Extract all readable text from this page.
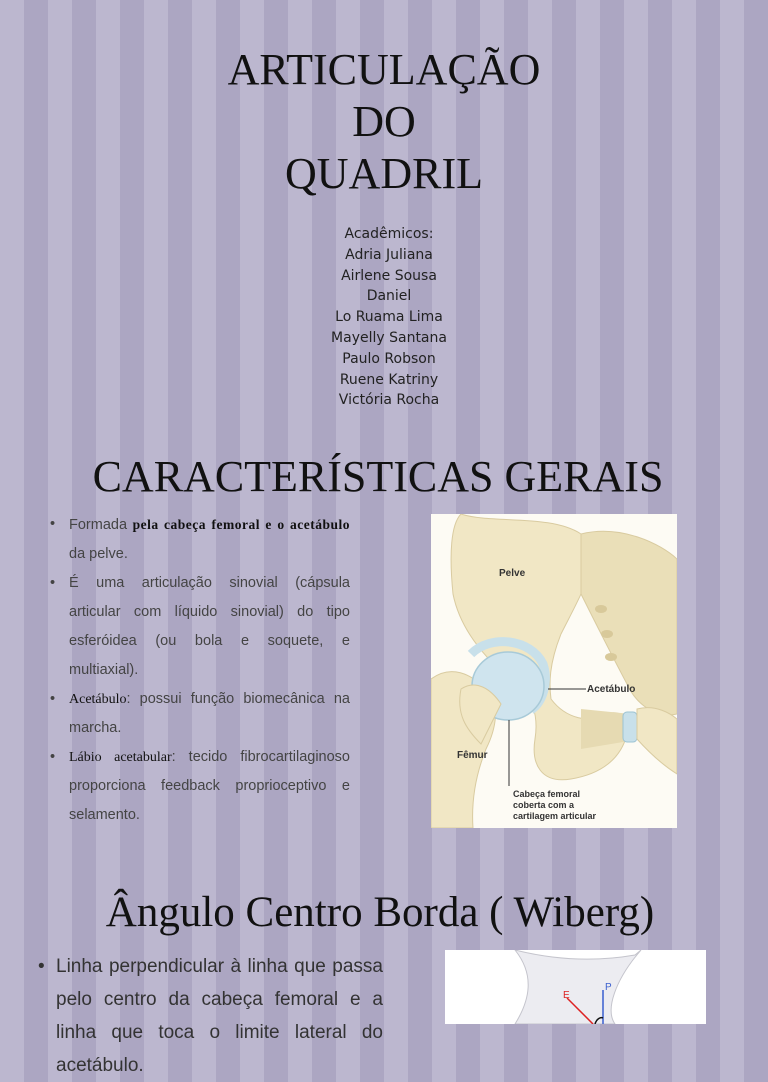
ARTICULAÇÃO
DO
QUADRIL
Acadêmicos:
Adria Juliana
Airlene Sousa
Daniel
Lo Ruama Lima
Mayelly Santana
Paulo Robson
Ruene Katriny
Victória Rocha
CARACTERÍSTICAS GERAIS
• Formada pela cabeça femoral e o acetábulo da pelve.
• É uma articulação sinovial (cápsula articular com líquido sinovial) do tipo esferóidea (ou bola e soquete, e multiaxial).
• Acetábulo: possui função biomecânica na marcha.
• Lábio acetabular: tecido fibrocartilaginoso proporciona feedback proprioceptivo e selamento.
Pelve
Acetábulo
Fêmur
Cabeça femoral
coberta com a
cartilagem articular
Ângulo Centro Borda ( Wiberg)
• Linha perpendicular à linha que passa pelo centro da cabeça femoral e a linha que toca o limite lateral do acetábulo.
E
P
